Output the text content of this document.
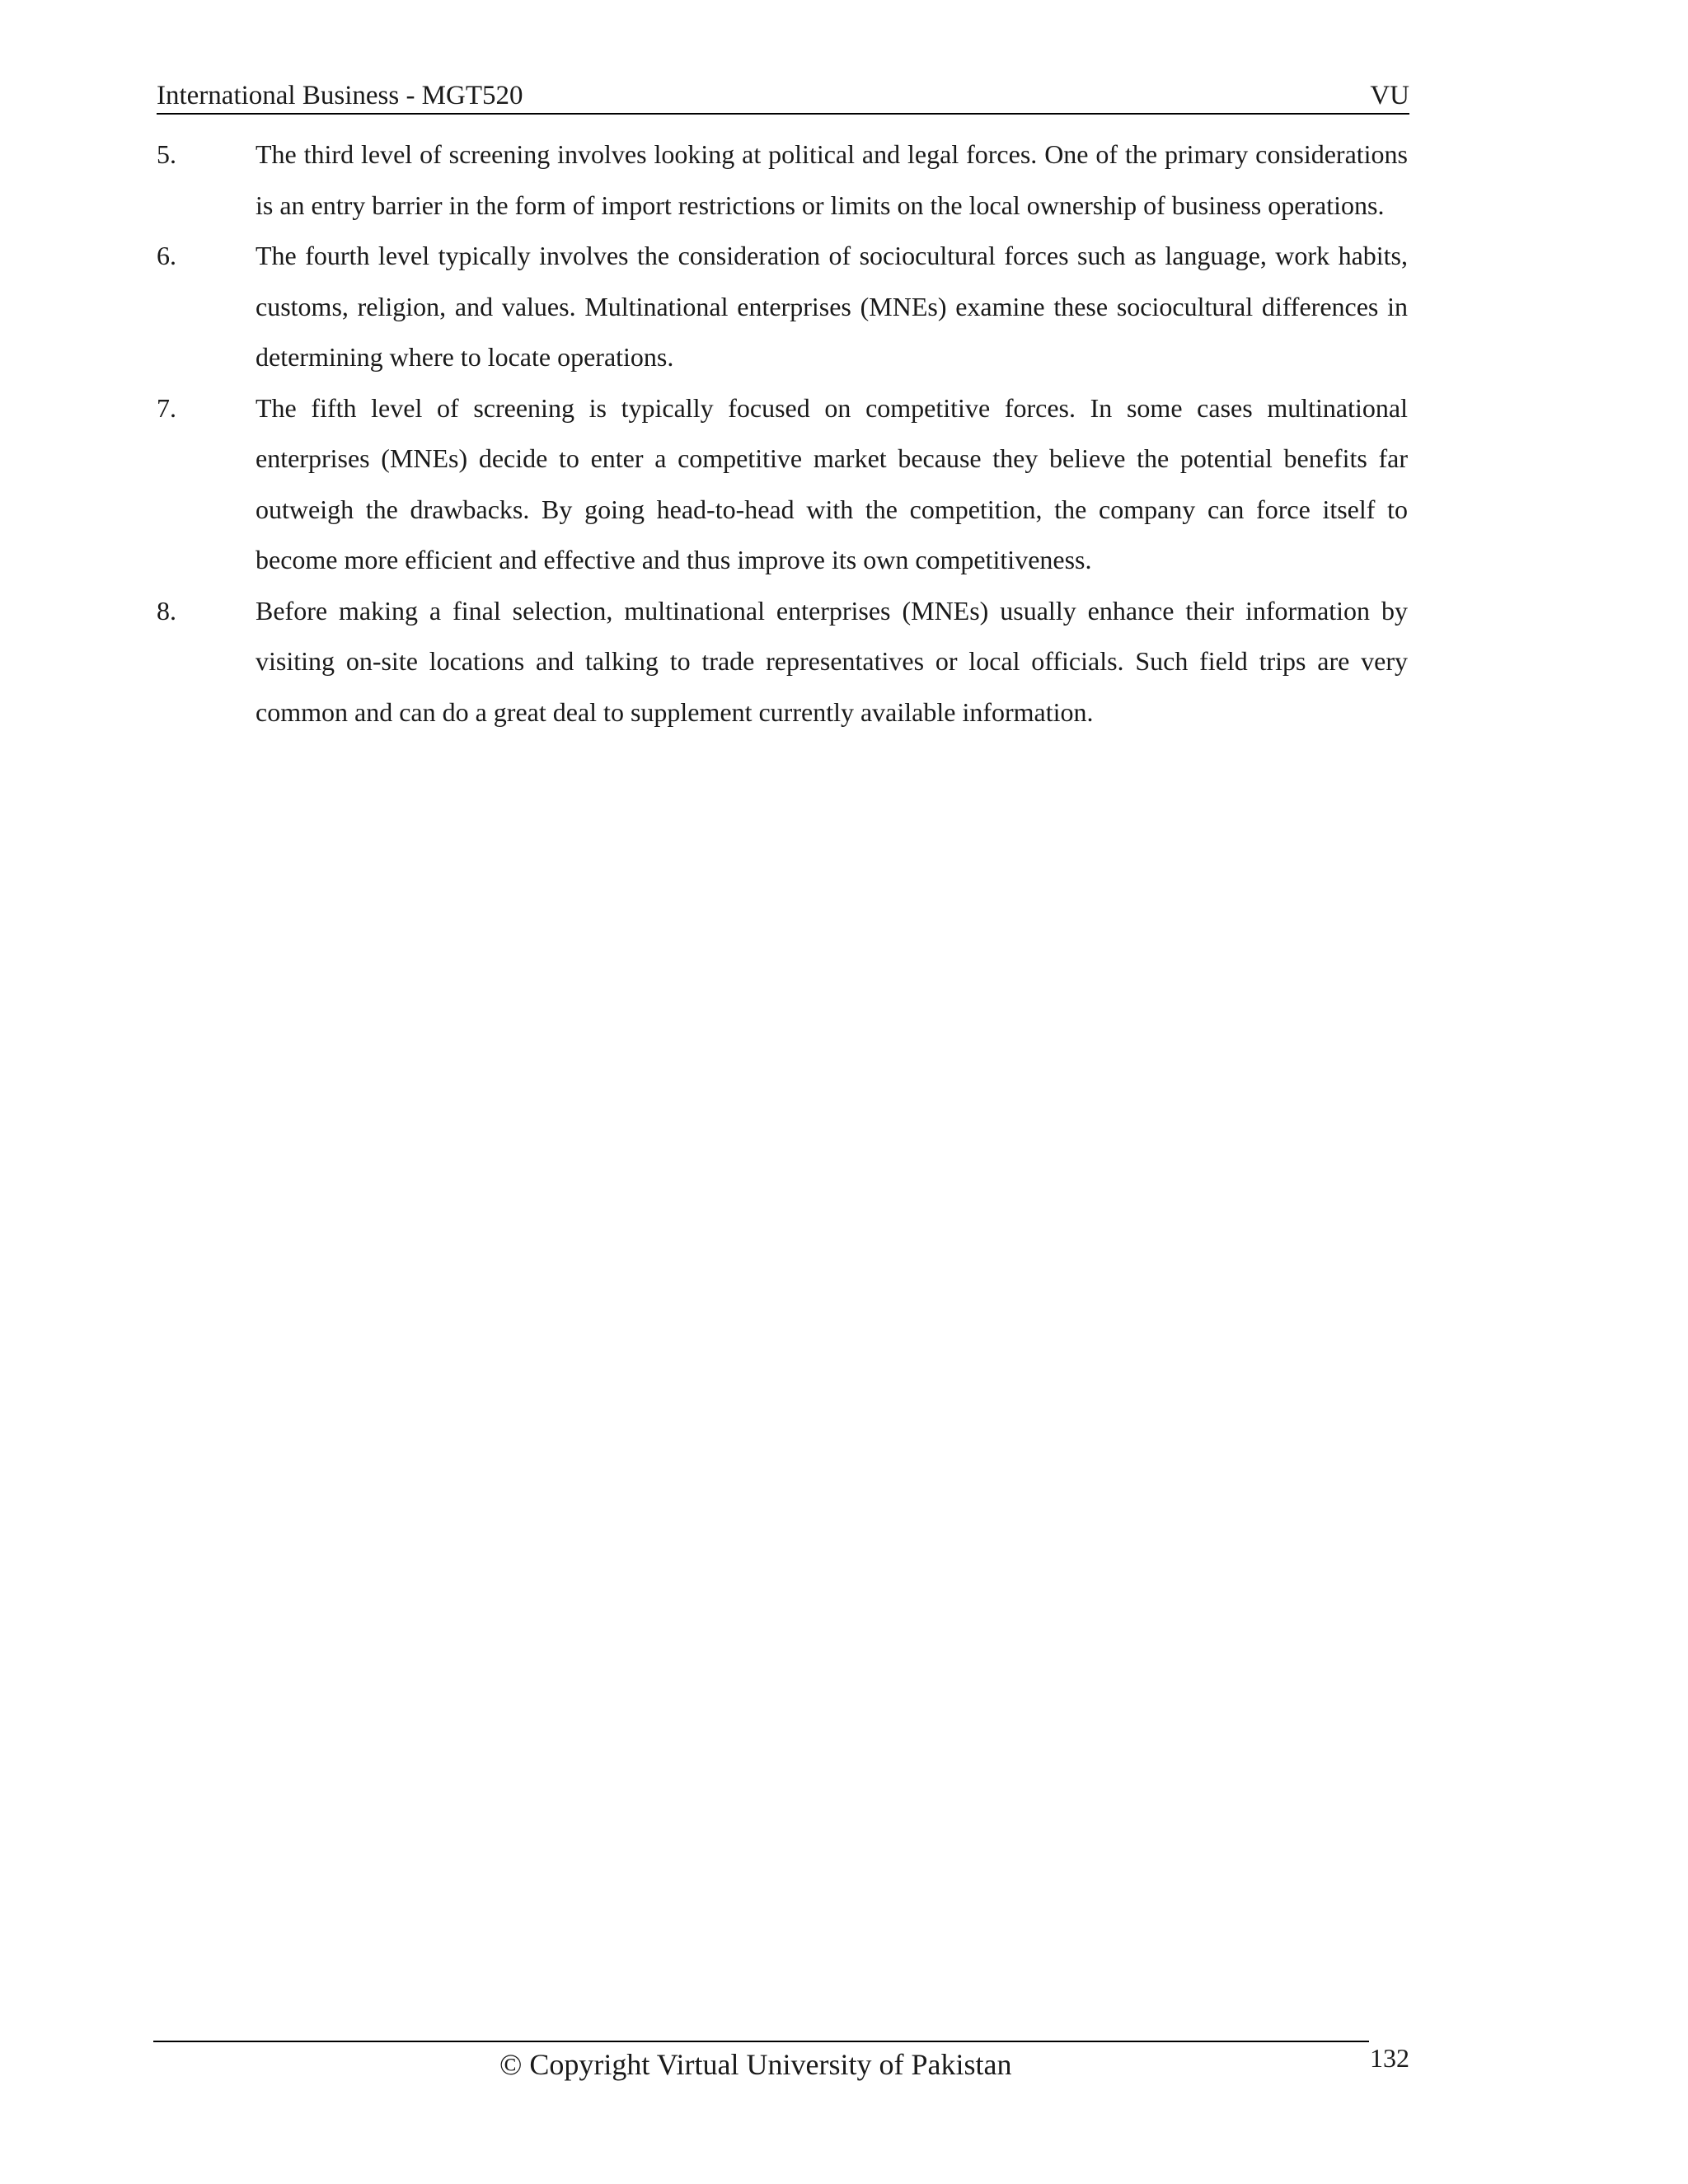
International Business - MGT520	VU
5.	The third level of screening involves looking at political and legal forces. One of the primary considerations is an entry barrier in the form of import restrictions or limits on the local ownership of business operations.
6.	The fourth level typically involves the consideration of sociocultural forces such as language, work habits, customs, religion, and values. Multinational enterprises (MNEs) examine these sociocultural differences in determining where to locate operations.
7.	The fifth level of screening is typically focused on competitive forces. In some cases multinational enterprises (MNEs) decide to enter a competitive market because they believe the potential benefits far outweigh the drawbacks. By going head-to-head with the competition, the company can force itself to become more efficient and effective and thus improve its own competitiveness.
8.	Before making a final selection, multinational enterprises (MNEs) usually enhance their information by visiting on-site locations and talking to trade representatives or local officials. Such field trips are very common and can do a great deal to supplement currently available information.
© Copyright Virtual University of Pakistan	132
